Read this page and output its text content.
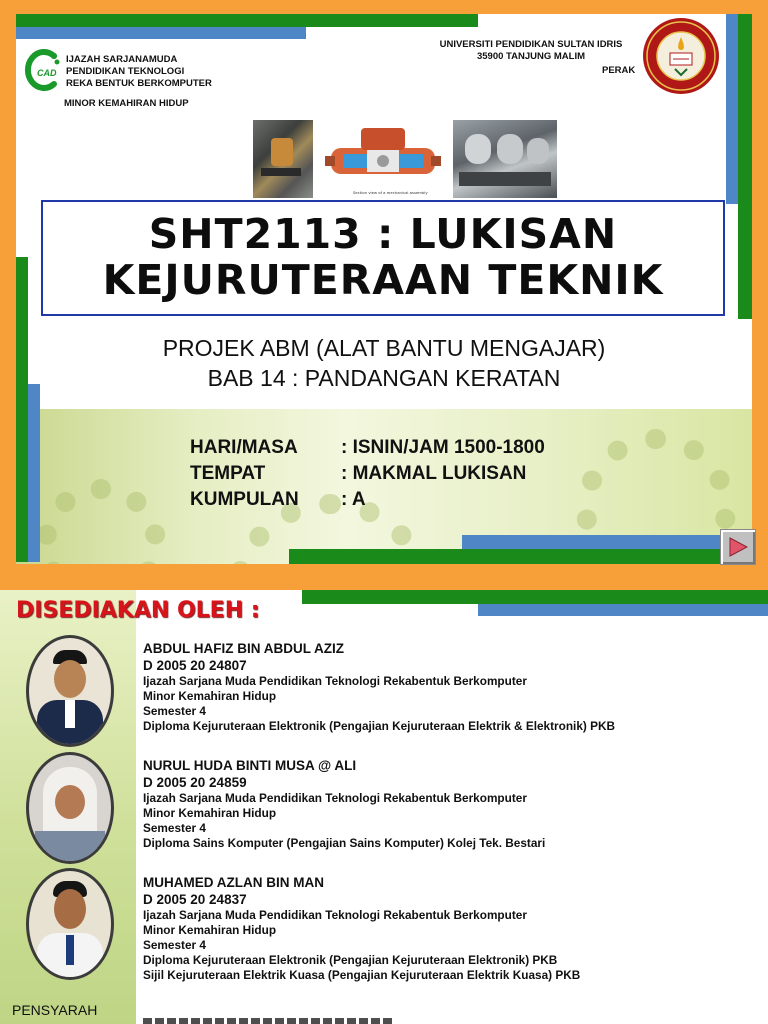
CAD
IJAZAH SARJANAMUDA
PENDIDIKAN TEKNOLOGI
REKA BENTUK BERKOMPUTER
MINOR KEMAHIRAN HIDUP
UNIVERSITI PENDIDIKAN SULTAN IDRIS
35900 TANJUNG MALIM
PERAK
Section view of a mechanical assembly
SHT2113 : LUKISAN
KEJURUTERAAN TEKNIK
PROJEK ABM (ALAT BANTU MENGAJAR)
BAB 14 : PANDANGAN KERATAN
HARI/MASA : ISNIN/JAM 1500-1800
TEMPAT	: MAKMAL LUKISAN
KUMPULAN : A
DISEDIAKAN OLEH :
ABDUL HAFIZ BIN ABDUL AZIZ
D 2005 20 24807
Ijazah Sarjana Muda Pendidikan Teknologi Rekabentuk Berkomputer
Minor Kemahiran Hidup
Semester 4
Diploma Kejuruteraan Elektronik (Pengajian Kejuruteraan Elektrik & Elektronik) PKB
NURUL HUDA BINTI MUSA @ ALI
D 2005 20 24859
Ijazah Sarjana Muda Pendidikan Teknologi Rekabentuk Berkomputer
Minor Kemahiran Hidup
Semester 4
Diploma Sains Komputer (Pengajian Sains Komputer) Kolej Tek. Bestari
MUHAMED AZLAN BIN MAN
D 2005 20 24837
Ijazah Sarjana Muda Pendidikan Teknologi Rekabentuk Berkomputer
Minor Kemahiran Hidup
Semester 4
Diploma Kejuruteraan Elektronik (Pengajian Kejuruteraan Elektronik) PKB
Sijil Kejuruteraan Elektrik Kuasa (Pengajian Kejuruteraan Elektrik Kuasa) PKB
PENSYARAH
